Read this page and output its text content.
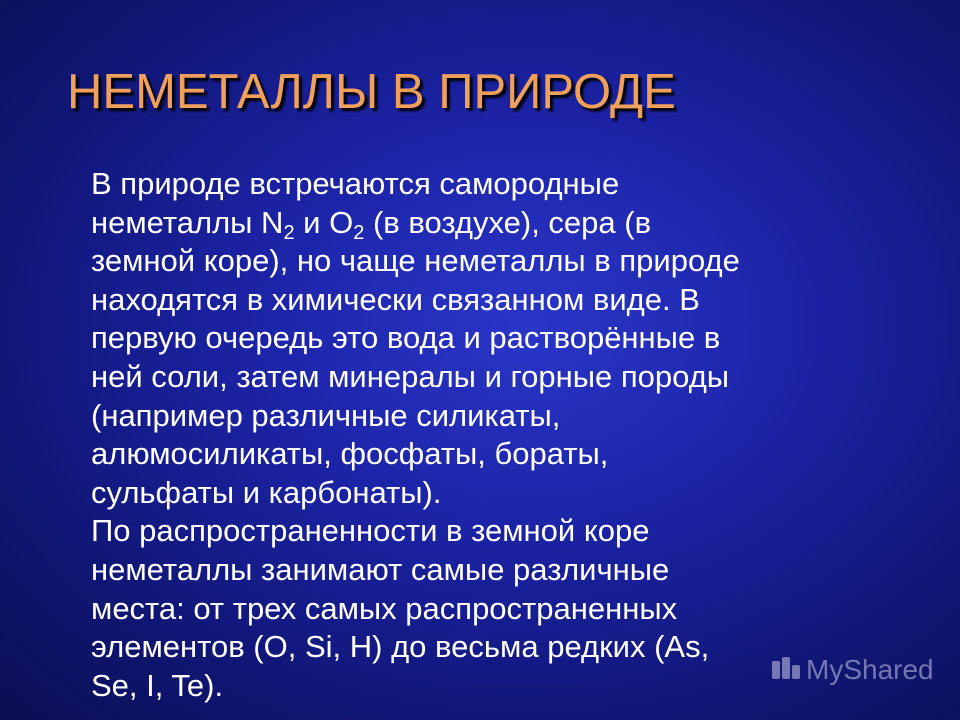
НЕМЕТАЛЛЫ В ПРИРОДЕ
В природе встречаются самородные
неметаллы $N_2$ и $O_2$ (в воздухе), сера (в
земной коре), но чаще неметаллы в природе
находятся в химически связанном виде. В
первую очередь это вода и растворённые в
ней соли, затем минералы и горные породы
(например различные силикаты,
алюмосиликаты, фосфаты, бораты,
сульфаты и карбонаты).
По распространенности в земной коре
неметаллы занимают самые различные
места: от трех самых распространенных
элементов (O, Si, H) до весьма редких (As,
Se, I, Te).	MyShared
